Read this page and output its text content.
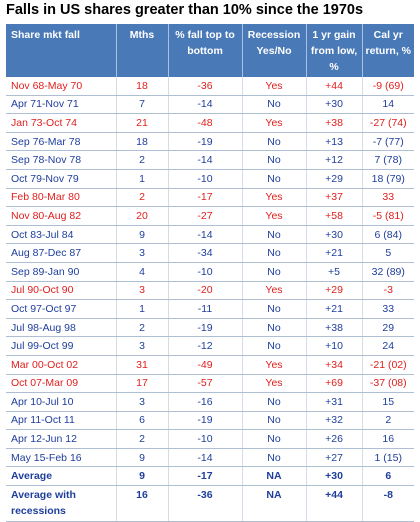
Falls in US shares greater than 10% since the 1970s
Share mkt fall	Mths	% fall top to bottom	Recession Yes/No	1 yr gain from low, %	Cal yr return, %
Nov 68-May 70	18	-36	Yes	+44	-9 (69)
Apr 71-Nov 71	7	-14	No	+30	14
Jan 73-Oct 74	21	-48	Yes	+38	-27 (74)
Sep 76-Mar 78	18	-19	No	+13	-7 (77)
Sep 78-Nov 78	2	-14	No	+12	7 (78)
Oct 79-Nov 79	1	-10	No	+29	18 (79)
Feb 80-Mar 80	2	-17	Yes	+37	33
Nov 80-Aug 82	20	-27	Yes	+58	-5 (81)
Oct 83-Jul 84	9	-14	No	+30	6 (84)
Aug 87-Dec 87	3	-34	No	+21	5
Sep 89-Jan 90	4	-10	No	+5	32 (89)
Jul 90-Oct 90	3	-20	Yes	+29	-3
Oct 97-Oct 97	1	-11	No	+21	33
Jul 98-Aug 98	2	-19	No	+38	29
Jul 99-Oct 99	3	-12	No	+10	24
Mar 00-Oct 02	31	-49	Yes	+34	-21 (02)
Oct 07-Mar 09	17	-57	Yes	+69	-37 (08)
Apr 10-Jul 10	3	-16	No	+31	15
Apr 11-Oct 11	6	-19	No	+32	2
Apr 12-Jun 12	2	-10	No	+26	16
May 15-Feb 16	9	-14	No	+27	1 (15)
Average	9	-17	NA	+30	6
Average with recessions	16	-36	NA	+44	-8
